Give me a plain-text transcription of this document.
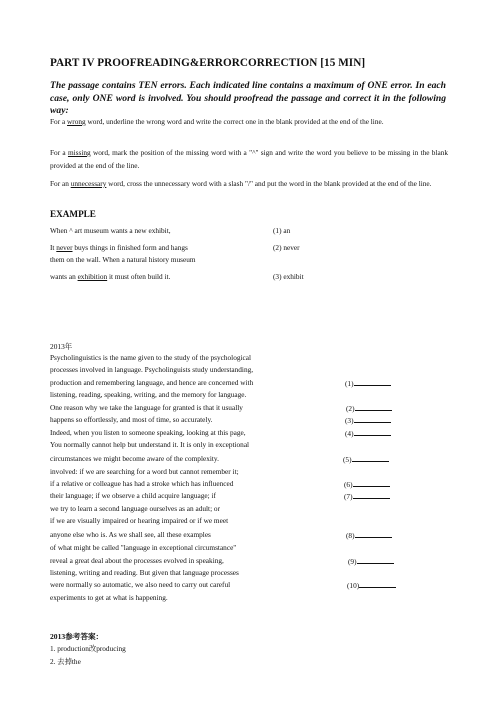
PART IV PROOFREADING&ERRORCORRECTION [15 MIN]
The passage contains TEN errors. Each indicated line contains a maximum of ONE error. In each case, only ONE word is involved. You should proofread the passage and correct it in the following way:
For a wrong word, underline the wrong word and write the correct one in the blank provided at the end of the line.
For a missing word, mark the position of the missing word with a "^" sign and write the word you believe to be missing in the blank provided at the end of the line.
For an unnecessary word, cross the unnecessary word with a slash "/" and put the word in the blank provided at the end of the line.
EXAMPLE
When ^ art museum wants a new exhibit,	(1) an
It never buys things in finished form and hangs	(2) never
them on the wall. When a natural history museum
wants an exhibition it must often build it.	(3) exhibit
2013年
Psycholinguistics is the name given to the study of the psychological
processes involved in language. Psycholinguists study understanding,
production and remembering language, and hence are concerned with	(1)
listening, reading, speaking, writing, and the memory for language.
One reason why we take the language for granted is that it usually	(2)
happens so effortlessly, and most of time, so accurately.	(3)
Indeed, when you listen to someone speaking, looking at this page,	(4)
You normally cannot help but understand it. It is only in exceptional
circumstances we might become aware of the complexity.	(5)
involved: if we are searching for a word but cannot remember it;
if a relative or colleague has had a stroke which has influenced	(6)
their language; if we observe a child acquire language; if	(7)
we try to learn a second language ourselves as an adult; or
if we are visually impaired or hearing impaired or if we meet
anyone else who is. As we shall see, all these examples	(8)
of what might be called "language in exceptional circumstance"
reveal a great deal about the processes evolved in speaking,	(9)
listening, writing and reading. But given that language processes
were normally so automatic, we also need to carry out careful	(10)
experiments to get at what is happening.
2013参考答案：
1. production改producing
2. 去掉the
